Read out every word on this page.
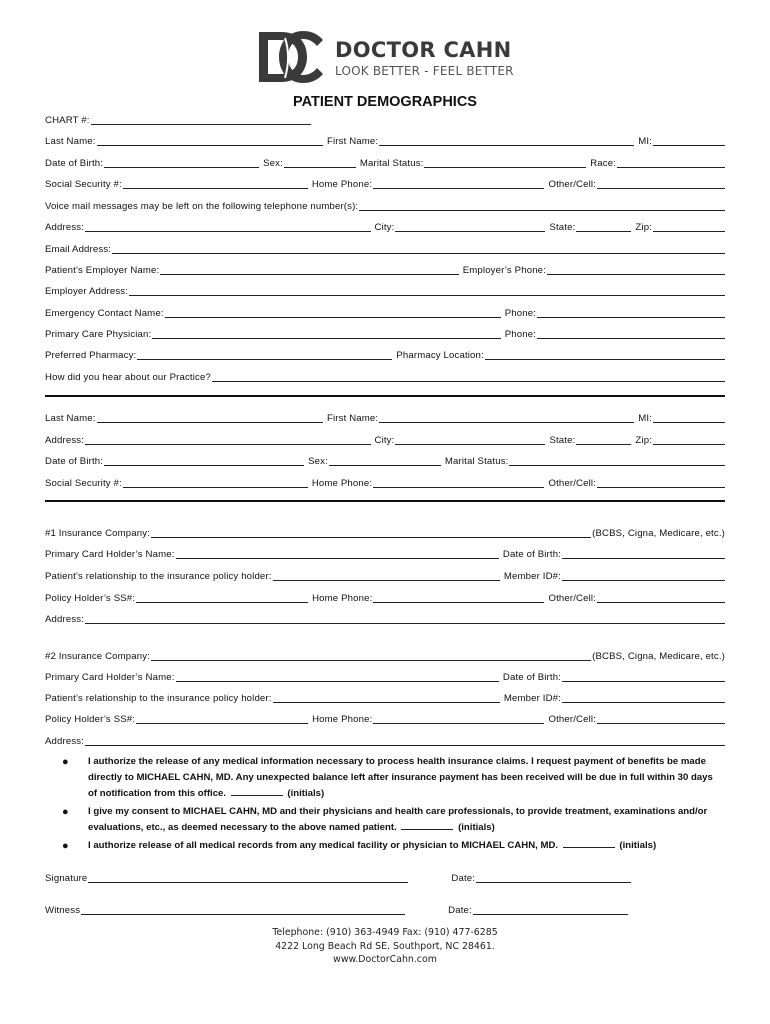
DOCTOR CAHN
LOOK BETTER - FEEL BETTER
PATIENT DEMOGRAPHICS
CHART #:
Last Name:	First Name:	MI:
Date of Birth:	Sex:	Marital Status:	Race:
Social Security #:	Home Phone:	Other/Cell:
Voice mail messages may be left on the following telephone number(s):
Address:	City:	State:	Zip:
Email Address:
Patient’s Employer Name:	Employer’s Phone:
Employer Address:
Emergency Contact Name:	Phone:
Primary Care Physician:	Phone:
Preferred Pharmacy:	Pharmacy Location:
How did you hear about our Practice?
Last Name:	First Name:	MI:
Address:	City:	State:	Zip:
Date of Birth:	Sex:	Marital Status:
Social Security #:	Home Phone:	Other/Cell:
#1 Insurance Company:	(BCBS, Cigna, Medicare, etc.)
Primary Card Holder’s Name:	Date of Birth:
Patient’s relationship to the insurance policy holder:	Member ID#:
Policy Holder’s SS#:	Home Phone:	Other/Cell:
Address:
#2 Insurance Company:	(BCBS, Cigna, Medicare, etc.)
Primary Card Holder’s Name:	Date of Birth:
Patient’s relationship to the insurance policy holder:	Member ID#:
Policy Holder’s SS#:	Home Phone:	Other/Cell:
Address:
●	I authorize the release of any medical information necessary to process health insurance claims. I request payment of benefits be made directly to MICHAEL CAHN, MD. Any unexpected balance left after insurance payment has been received will be due in full within 30 days of notification from this office.	(initials)
●	I give my consent to MICHAEL CAHN, MD and their physicians and health care professionals, to provide treatment, examinations and/or evaluations, etc., as deemed necessary to the above named patient.	(initials)
●	I authorize release of all medical records from any medical facility or physician to MICHAEL CAHN, MD.	(initials)
Signature	Date:
Witness	Date:
Telephone: (910) 363-4949 Fax: (910) 477-6285
4222 Long Beach Rd SE. Southport, NC 28461.
www.DoctorCahn.com
